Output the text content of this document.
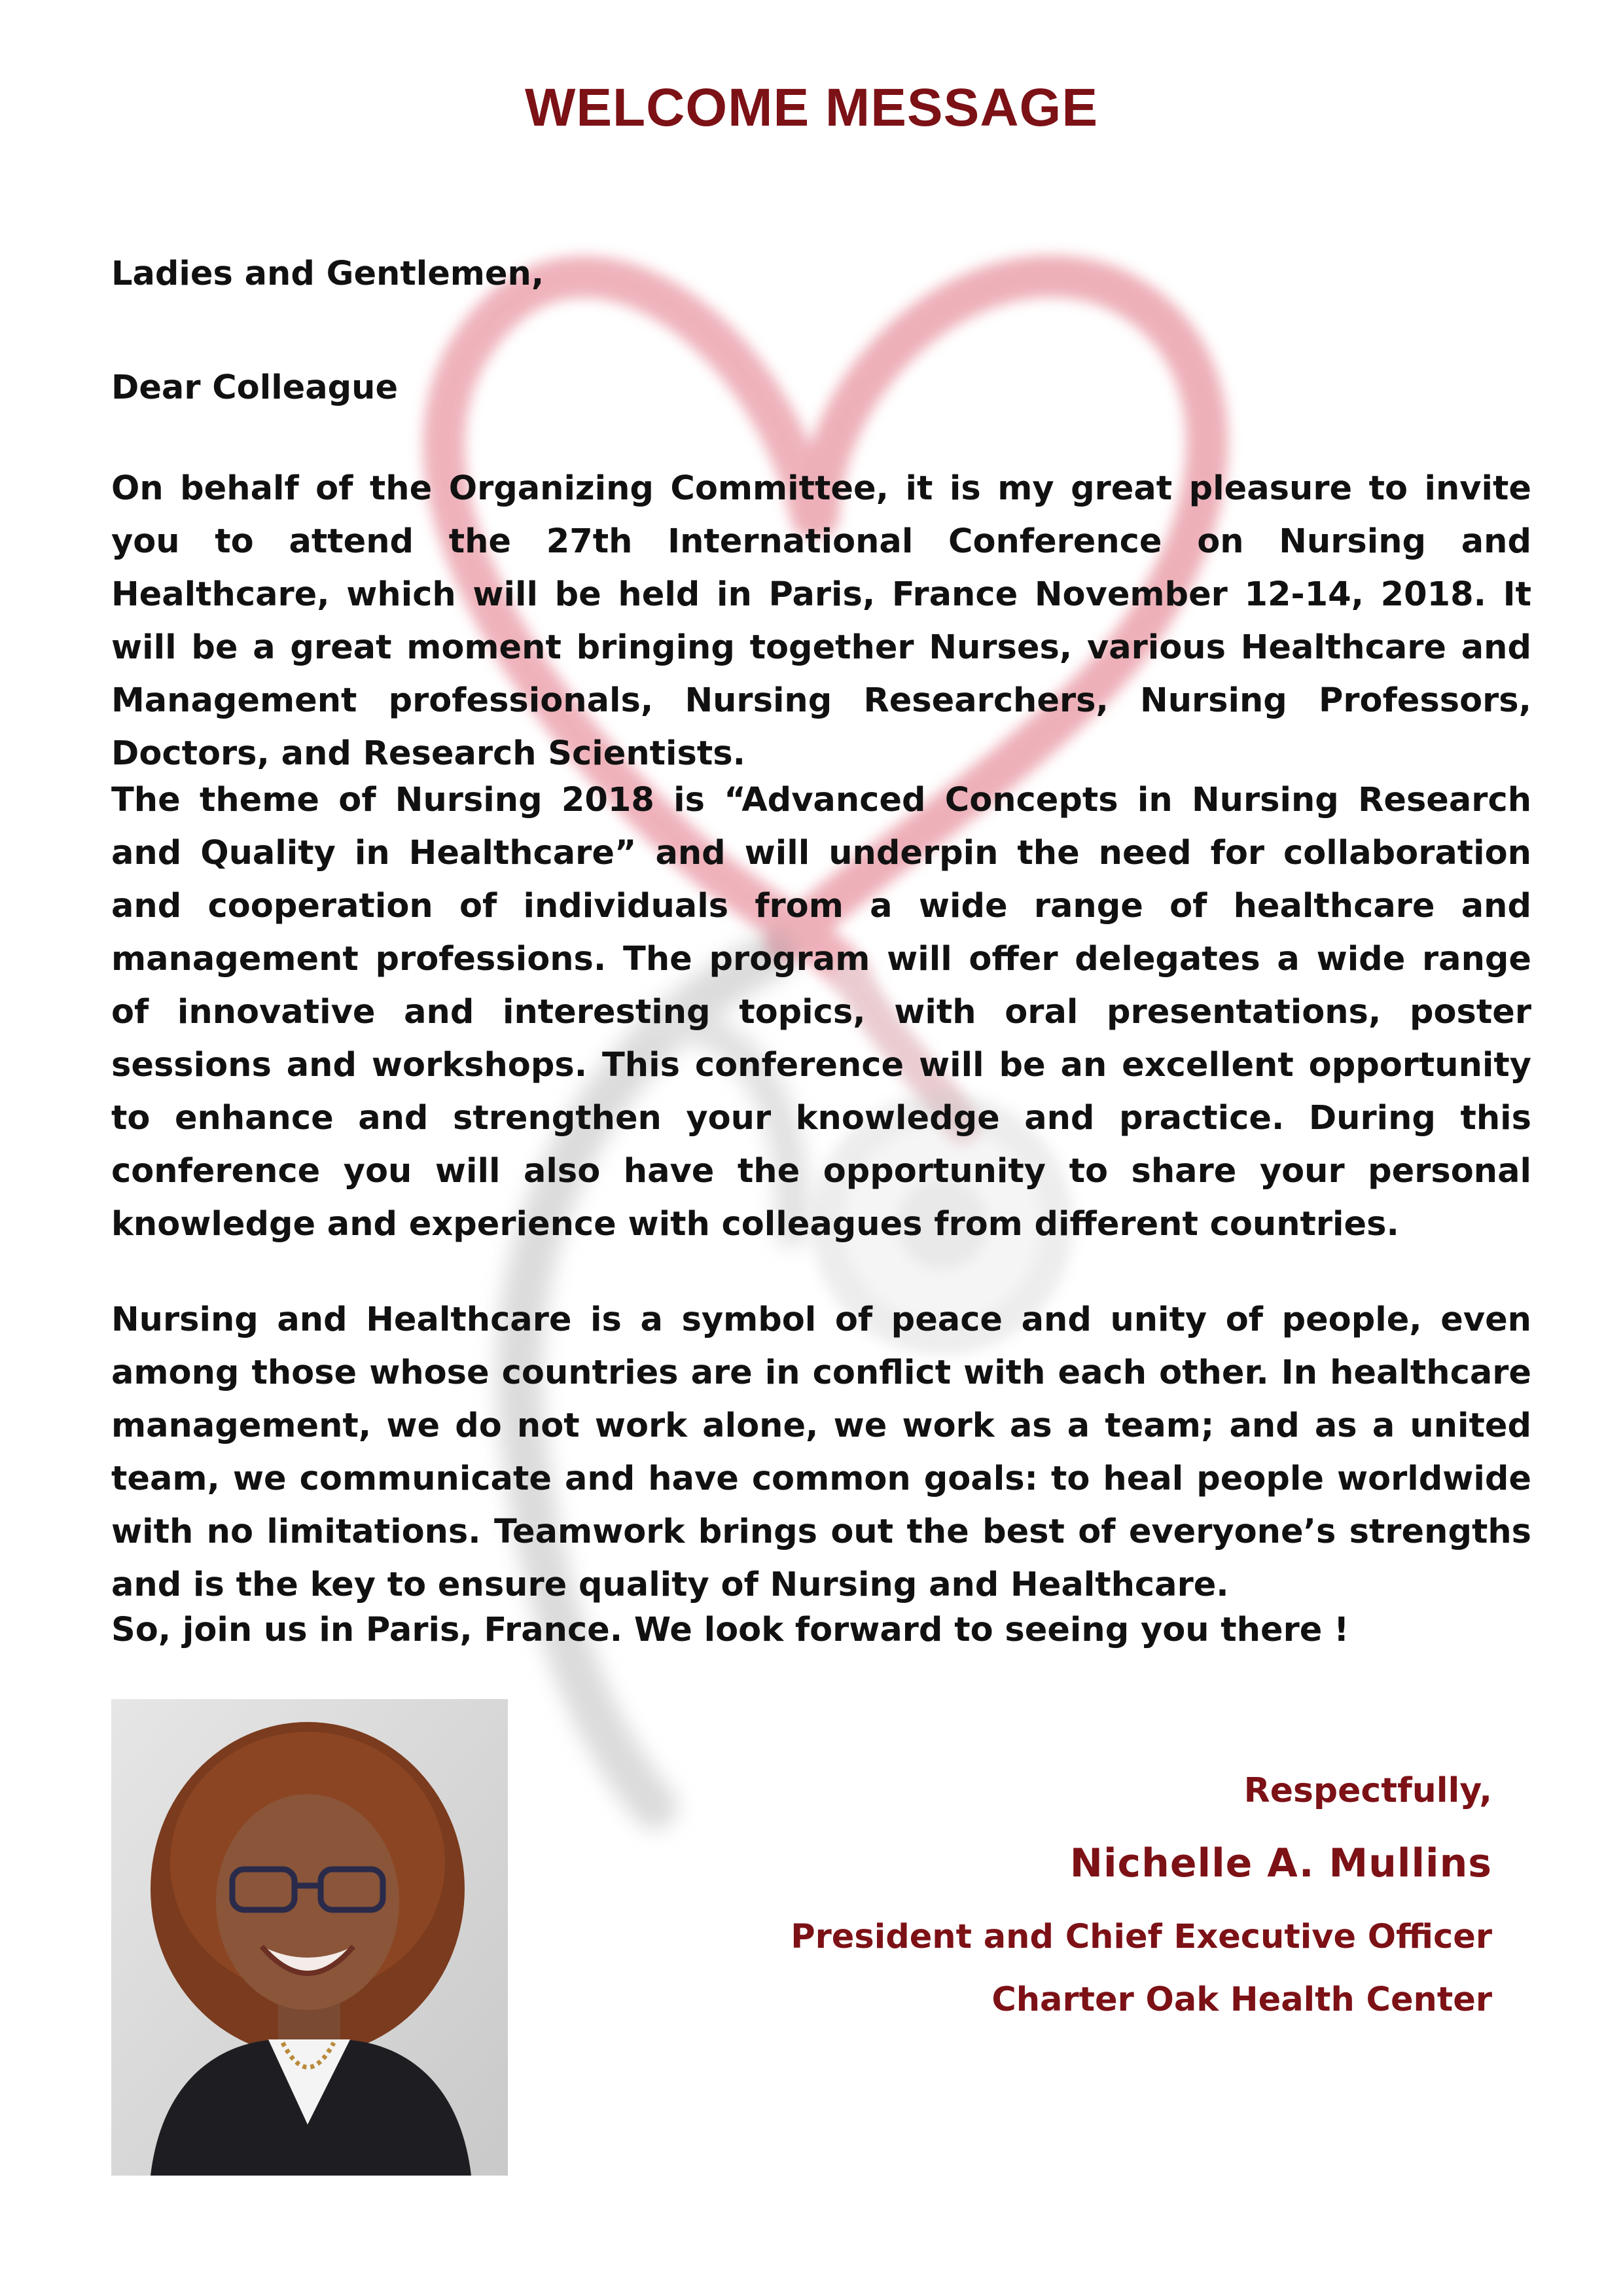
WELCOME MESSAGE

Ladies and Gentlemen,

Dear Colleague

On behalf of the Organizing Committee, it is my great pleasure to invite you to attend the 27th International Conference on Nursing and Healthcare, which will be held in Paris, France November 12-14, 2018. It will be a great moment bringing together Nurses, various Healthcare and Management professionals, Nursing Researchers, Nursing Professors, Doctors, and Research Scientists.

The theme of Nursing 2018 is “Advanced Concepts in Nursing Research and Quality in Healthcare” and will underpin the need for collaboration and cooperation of individuals from a wide range of healthcare and management professions. The program will offer delegates a wide range of innovative and interesting topics, with oral presentations, poster sessions and workshops. This conference will be an excellent opportunity to enhance and strengthen your knowledge and practice. During this conference you will also have the opportunity to share your personal knowledge and experience with colleagues from different countries.

Nursing and Healthcare is a symbol of peace and unity of people, even among those whose countries are in conflict with each other. In healthcare management, we do not work alone, we work as a team; and as a united team, we communicate and have common goals: to heal people worldwide with no limitations. Teamwork brings out the best of everyone’s strengths and is the key to ensure quality of Nursing and Healthcare.

So, join us in Paris, France. We look forward to seeing you there !

Respectfully,

Nichelle A. Mullins

President and Chief Executive Officer

Charter Oak Health Center
